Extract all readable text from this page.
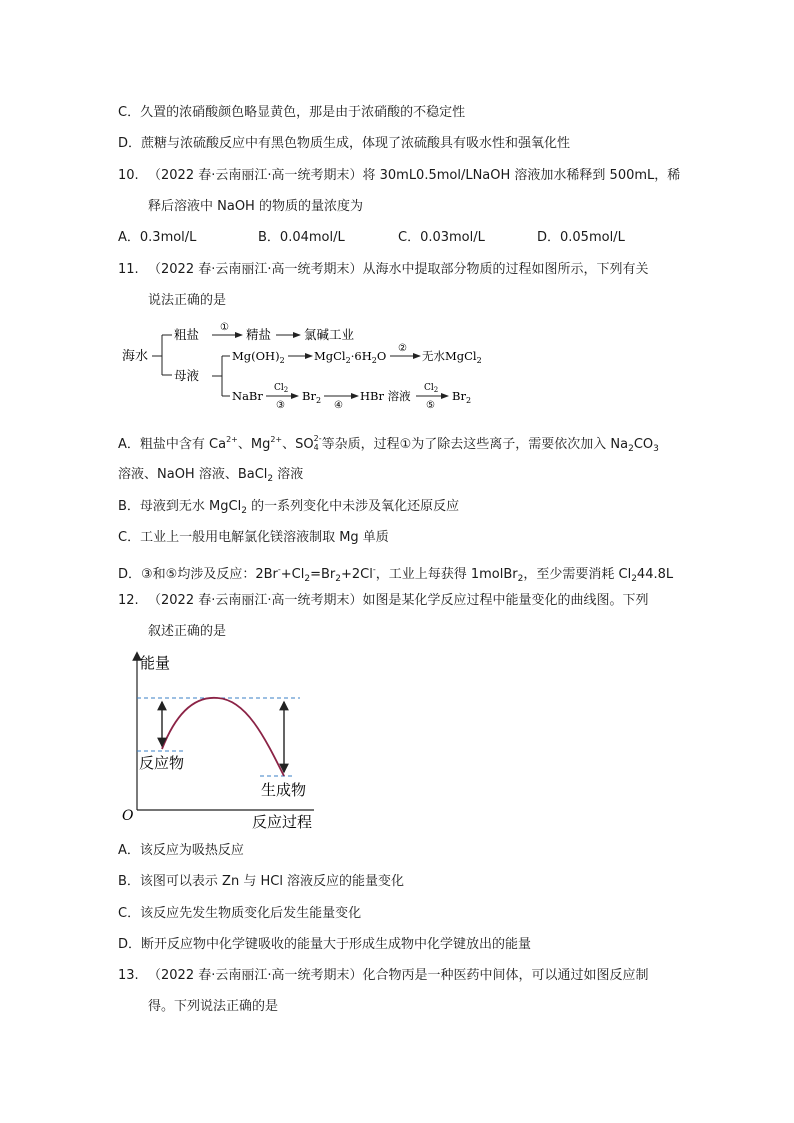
C．久置的浓硝酸颜色略显黄色，那是由于浓硝酸的不稳定性
D．蔗糖与浓硫酸反应中有黑色物质生成，体现了浓硫酸具有吸水性和强氧化性
10. （2022 春·云南丽江·高一统考期末）将 30mL0.5mol/LNaOH 溶液加水稀释到 500mL，稀
释后溶液中 NaOH 的物质的量浓度为
A．0.3mol/L	B．0.04mol/L	C．0.03mol/L	D．0.05mol/L
11. （2022 春·云南丽江·高一统考期末）从海水中提取部分物质的过程如图所示，下列有关
说法正确的是
海水
粗盐 ① 精盐	氯碱工业
母液
$Mg(OH)_2$	$MgCl_2\cdot 6H_2O$
②
无水MgCl$_2$
NaBr
$Cl_2$
③
$Br_2$ ④
HBr 溶液
$Cl_2$
⑤
$Br_2$
A．粗盐中含有 $Ca^{2+}$、$Mg^{2+}$、SO 2-
4 等杂质，过程①为了除去这些离子，需要依次加入 $Na_2CO_3$
溶液、NaOH 溶液、BaCl$_2$ 溶液
B．母液到无水 MgCl$_2$ 的一系列变化中未涉及氧化还原反应
C．工业上一般用电解氯化镁溶液制取 Mg 单质
D．③和⑤均涉及反应：$2Br^-+Cl_2=Br_2+2Cl^-$，工业上每获得 1molBr$_2$，至少需要消耗 $Cl_244.8L$
12. （2022 春·云南丽江·高一统考期末）如图是某化学反应过程中能量变化的曲线图。下列
叙述正确的是
能量
O	反应过程
反应物
生成物
A．该反应为吸热反应
B．该图可以表示 Zn 与 HCl 溶液反应的能量变化
C．该反应先发生物质变化后发生能量变化
D．断开反应物中化学键吸收的能量大于形成生成物中化学键放出的能量
13. （2022 春·云南丽江·高一统考期末）化合物丙是一种医药中间体，可以通过如图反应制
得。下列说法正确的是
